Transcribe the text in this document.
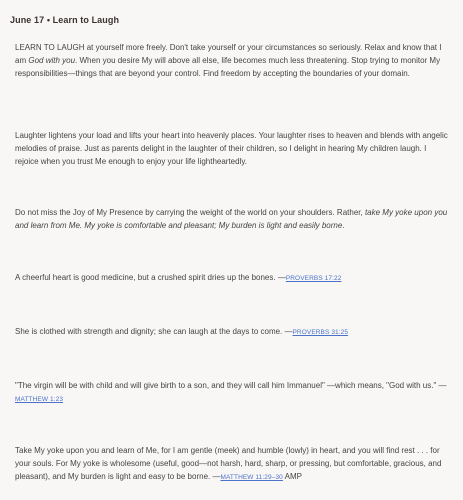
June 17 • Learn to Laugh

LEARN TO LAUGH at yourself more freely. Don't take yourself or your circumstances so seriously. Relax and know that I am God with you. When you desire My will above all else, life becomes much less threatening. Stop trying to monitor My responsibilities—things that are beyond your control. Find freedom by accepting the boundaries of your domain.

Laughter lightens your load and lifts your heart into heavenly places. Your laughter rises to heaven and blends with angelic melodies of praise. Just as parents delight in the laughter of their children, so I delight in hearing My children laugh. I rejoice when you trust Me enough to enjoy your life lightheartedly.

Do not miss the Joy of My Presence by carrying the weight of the world on your shoulders. Rather, take My yoke upon you and learn from Me. My yoke is comfortable and pleasant; My burden is light and easily borne.

A cheerful heart is good medicine, but a crushed spirit dries up the bones. —PROVERBS 17:22

She is clothed with strength and dignity; she can laugh at the days to come. —PROVERBS 31:25

"The virgin will be with child and will give birth to a son, and they will call him Immanuel" —which means, "God with us." —MATTHEW 1:23

Take My yoke upon you and learn of Me, for I am gentle (meek) and humble (lowly) in heart, and you will find rest . . . for your souls. For My yoke is wholesome (useful, good—not harsh, hard, sharp, or pressing, but comfortable, gracious, and pleasant), and My burden is light and easy to be borne. —MATTHEW 11:29–30 AMP
